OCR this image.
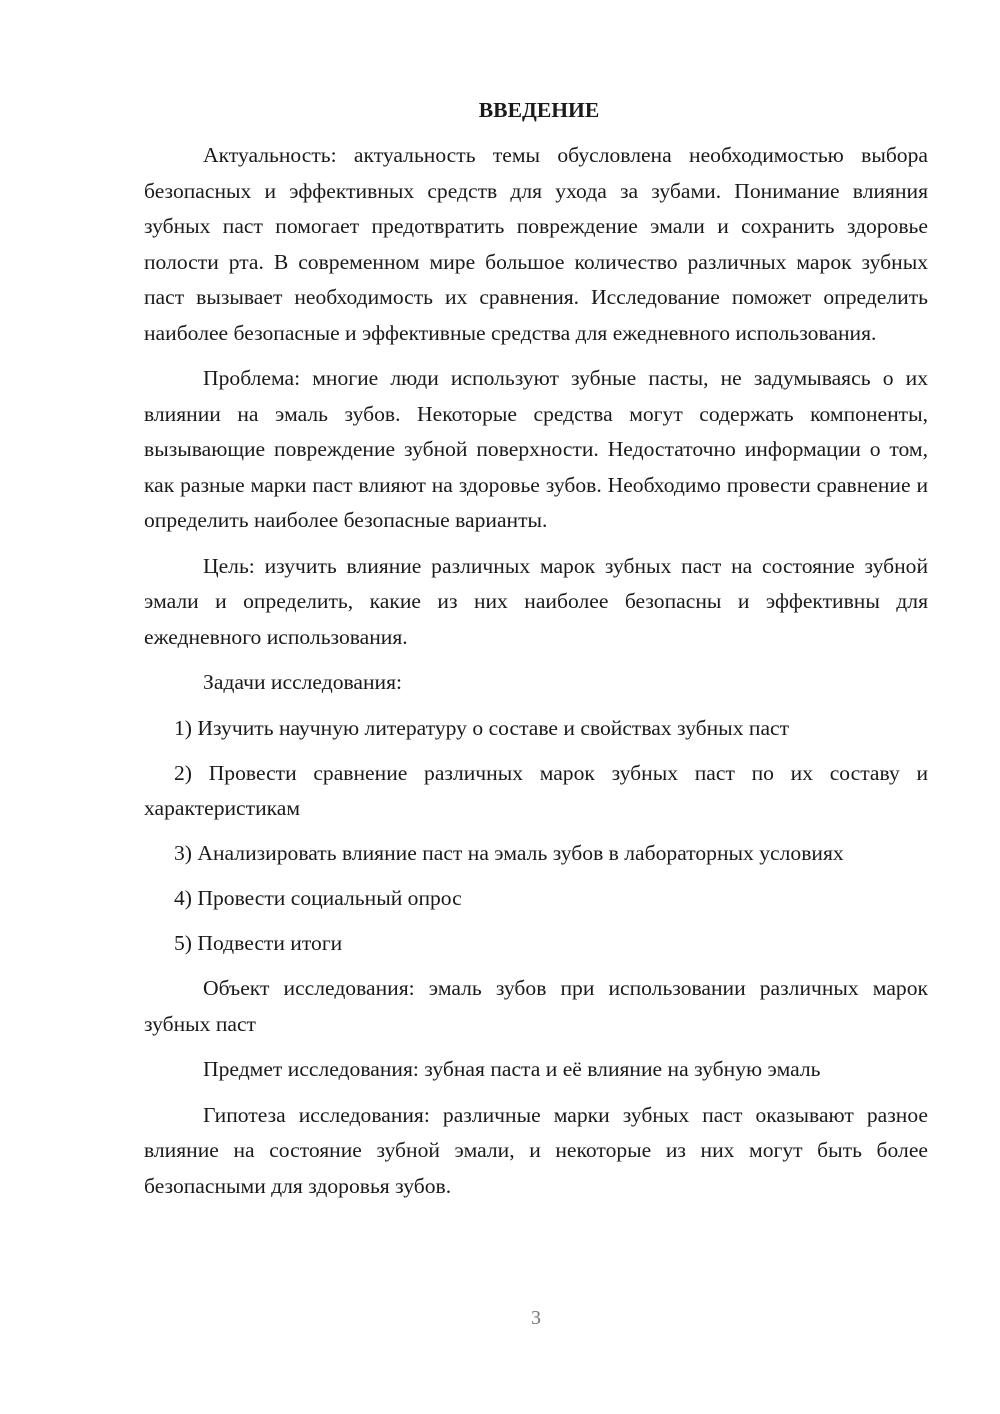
ВВЕДЕНИЕ

Актуальность: актуальность темы обусловлена необходимостью выбора безопасных и эффективных средств для ухода за зубами. Понимание влияния зубных паст помогает предотвратить повреждение эмали и сохранить здоровье полости рта. В современном мире большое количество различных марок зубных паст вызывает необходимость их сравнения. Исследование поможет определить наиболее безопасные и эффективные средства для ежедневного использования.

Проблема: многие люди используют зубные пасты, не задумываясь о их влиянии на эмаль зубов. Некоторые средства могут содержать компоненты, вызывающие повреждение зубной поверхности. Недостаточно информации о том, как разные марки паст влияют на здоровье зубов. Необходимо провести сравнение и определить наиболее безопасные варианты.

Цель: изучить влияние различных марок зубных паст на состояние зубной эмали и определить, какие из них наиболее безопасны и эффективны для ежедневного использования.

Задачи исследования:

1) Изучить научную литературу о составе и свойствах зубных паст

2) Провести сравнение различных марок зубных паст по их составу и характеристикам

3) Анализировать влияние паст на эмаль зубов в лабораторных условиях

4) Провести социальный опрос

5) Подвести итоги

Объект исследования: эмаль зубов при использовании различных марок зубных паст

Предмет исследования: зубная паста и её влияние на зубную эмаль

Гипотеза исследования: различные марки зубных паст оказывают разное влияние на состояние зубной эмали, и некоторые из них могут быть более безопасными для здоровья зубов.

3
